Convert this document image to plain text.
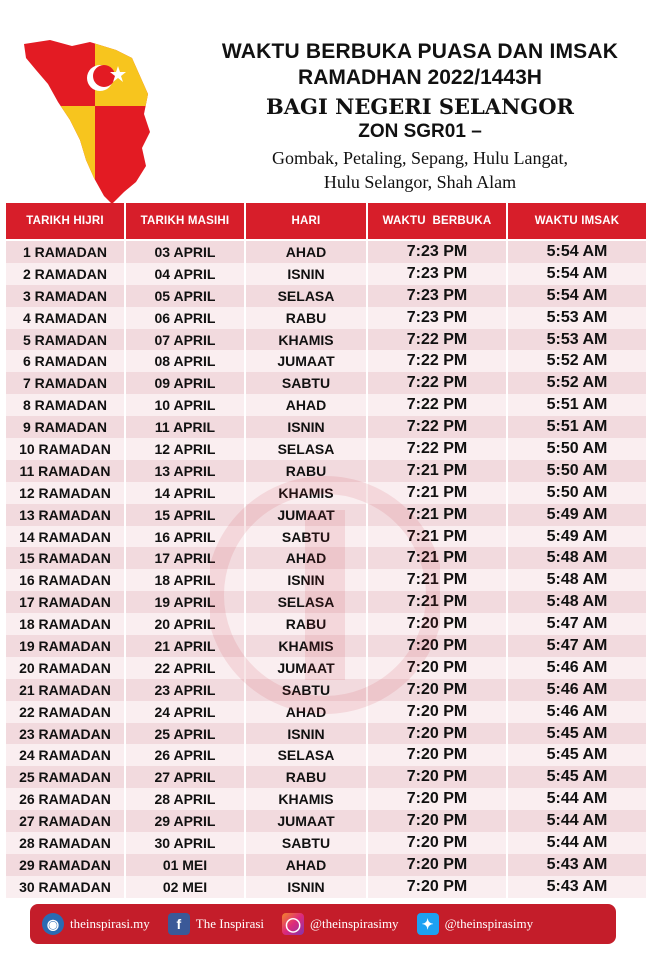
WAKTU BERBUKA PUASA DAN IMSAK
RAMADHAN 2022/1443H
BAGI NEGERI SELANGOR
ZON SGR01 –
Gombak, Petaling, Sepang, Hulu Langat,
Hulu Selangor, Shah Alam
TARIKH HIJRI	TARIKH MASIHI	HARI	WAKTU  BERBUKA	WAKTU IMSAK
1 RAMADAN	03 APRIL	AHAD	7:23 PM	5:54 AM
2 RAMADAN	04 APRIL	ISNIN	7:23 PM	5:54 AM
3 RAMADAN	05 APRIL	SELASA	7:23 PM	5:54 AM
4 RAMADAN	06 APRIL	RABU	7:23 PM	5:53 AM
5 RAMADAN	07 APRIL	KHAMIS	7:22 PM	5:53 AM
6 RAMADAN	08 APRIL	JUMAAT	7:22 PM	5:52 AM
7 RAMADAN	09 APRIL	SABTU	7:22 PM	5:52 AM
8 RAMADAN	10 APRIL	AHAD	7:22 PM	5:51 AM
9 RAMADAN	11 APRIL	ISNIN	7:22 PM	5:51 AM
10 RAMADAN	12 APRIL	SELASA	7:22 PM	5:50 AM
11 RAMADAN	13 APRIL	RABU	7:21 PM	5:50 AM
12 RAMADAN	14 APRIL	KHAMIS	7:21 PM	5:50 AM
13 RAMADAN	15 APRIL	JUMAAT	7:21 PM	5:49 AM
14 RAMADAN	16 APRIL	SABTU	7:21 PM	5:49 AM
15 RAMADAN	17 APRIL	AHAD	7:21 PM	5:48 AM
16 RAMADAN	18 APRIL	ISNIN	7:21 PM	5:48 AM
17 RAMADAN	19 APRIL	SELASA	7:21 PM	5:48 AM
18 RAMADAN	20 APRIL	RABU	7:20 PM	5:47 AM
19 RAMADAN	21 APRIL	KHAMIS	7:20 PM	5:47 AM
20 RAMADAN	22 APRIL	JUMAAT	7:20 PM	5:46 AM
21 RAMADAN	23 APRIL	SABTU	7:20 PM	5:46 AM
22 RAMADAN	24 APRIL	AHAD	7:20 PM	5:46 AM
23 RAMADAN	25 APRIL	ISNIN	7:20 PM	5:45 AM
24 RAMADAN	26 APRIL	SELASA	7:20 PM	5:45 AM
25 RAMADAN	27 APRIL	RABU	7:20 PM	5:45 AM
26 RAMADAN	28 APRIL	KHAMIS	7:20 PM	5:44 AM
27 RAMADAN	29 APRIL	JUMAAT	7:20 PM	5:44 AM
28 RAMADAN	30 APRIL	SABTU	7:20 PM	5:44 AM
29 RAMADAN	01 MEI	AHAD	7:20 PM	5:43 AM
30 RAMADAN	02 MEI	ISNIN	7:20 PM	5:43 AM
◉ theinspirasi.my	f	The Inspirasi ◯ @theinspirasimy	✦ @theinspirasimy
